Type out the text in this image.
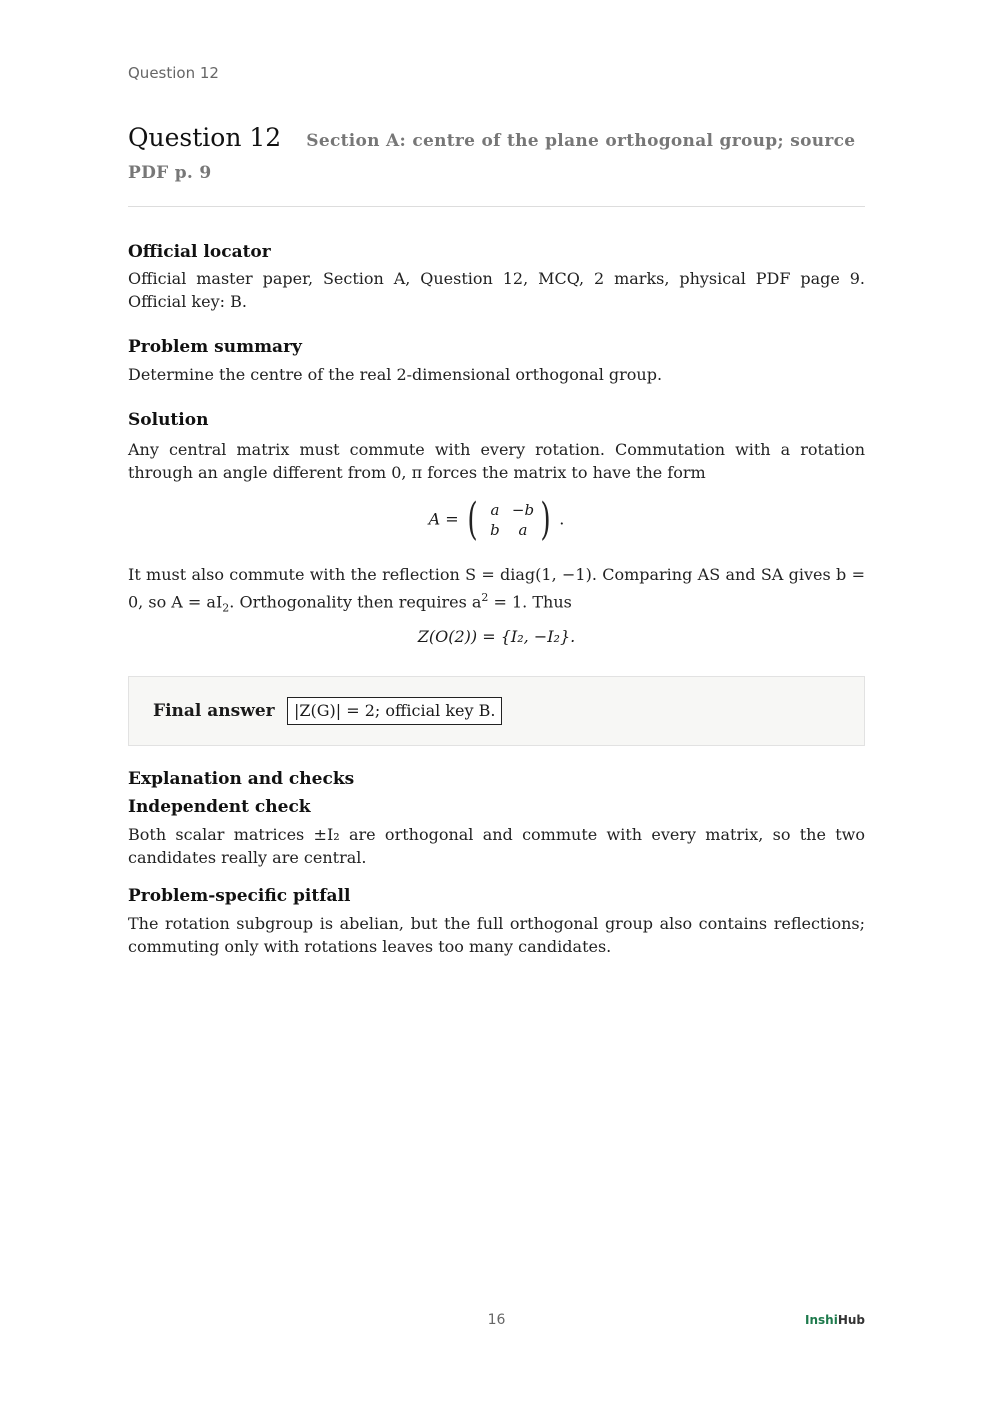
Question 12
Question 12 Section A: centre of the plane orthogonal group; source PDF p. 9
Official locator
Official master paper, Section A, Question 12, MCQ, 2 marks, physical PDF page 9. Official key: B.
Problem summary
Determine the centre of the real 2-dimensional orthogonal group.
Solution
Any central matrix must commute with every rotation. Commutation with a rotation through an angle different from 0, π forces the matrix to have the form
A = ( a −b
b	a ) .
It must also commute with the reflection S = diag(1, −1). Comparing AS and SA gives b = 0, so $A = aI_2$. Orthogonality then requires $a^2 = 1$. Thus
Z(O(2)) = {I₂, −I₂}.
Final answer	|Z(G)| = 2; official key B.
Explanation and checks
Independent check
Both scalar matrices ±I₂ are orthogonal and commute with every matrix, so the two candidates really are central.
Problem-specific pitfall
The rotation subgroup is abelian, but the full orthogonal group also contains reflections; commuting only with rotations leaves too many candidates.
16	InshiHub
